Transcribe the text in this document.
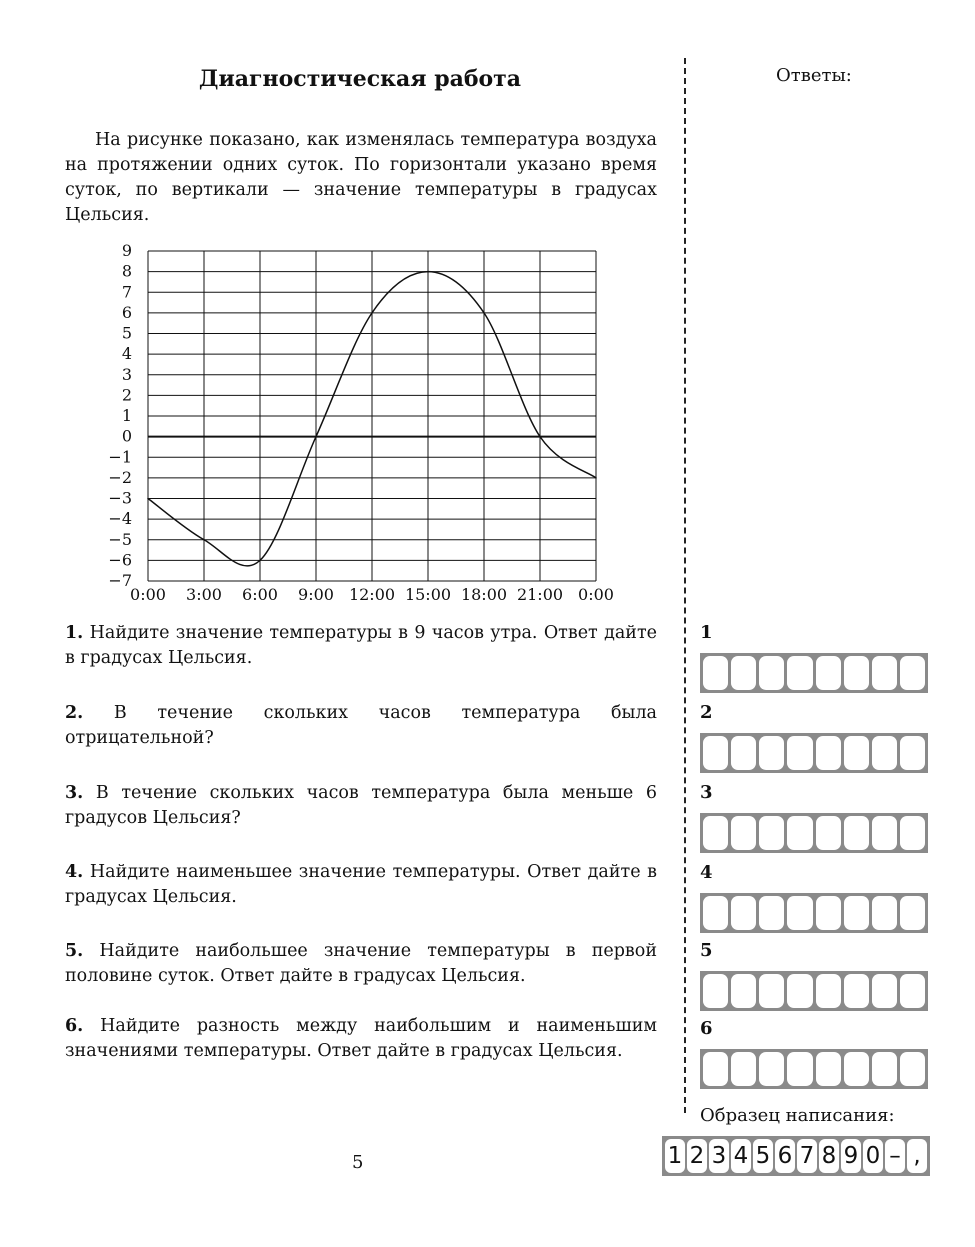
Диагностическая работа

На рисунке показано, как изменялась температура воздуха на протяжении одних суток. По горизонтали указано время суток, по вертикали — значение температуры в градусах Цельсия.

9
8
7
6
5
4
3
2
1
0
−1
−2
−3
−4
−5
−6
−7
0:00 3:00 6:00 9:00 12:00 15:00 18:00 21:00 0:00

1. Найдите значение температуры в 9 часов утра. Ответ дайте в градусах Цельсия.

2. В течение скольких часов температура была отрицательной?

3. В течение скольких часов температура была меньше 6 градусов Цельсия?

4. Найдите наименьшее значение температуры. Ответ дайте в градусах Цельсия.

5. Найдите наибольшее значение температуры в первой половине суток. Ответ дайте в градусах Цельсия.

6. Найдите разность между наибольшим и наименьшим значениями температуры. Ответ дайте в градусах Цельсия.

Ответы:
1
2
3
4
5
6
Образец написания:
1 2 3 4 5 6 7 8 9 0 – ,
5
